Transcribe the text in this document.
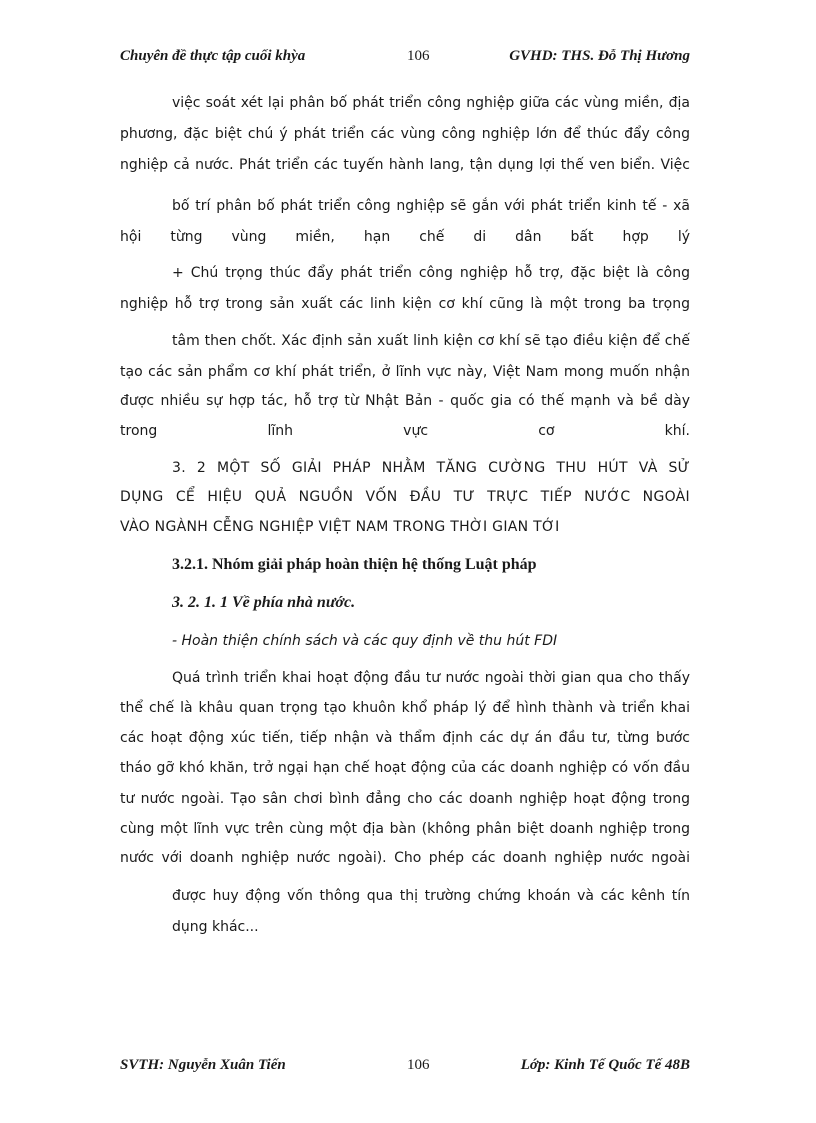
Chuyên đề thực tập cuối khỳa	106	GVHD: THS. Đỗ Thị Hương
việc soát xét lại phân bố phát triển công nghiệp giữa các vùng miền, địa
phương, đặc biệt chú ý phát triển các vùng công nghiệp lớn để thúc đẩy công
nghiệp cả nước. Phát triển các tuyến hành lang, tận dụng lợi thế ven biển. Việc
bố trí phân bố phát triển công nghiệp sẽ gắn với phát triển kinh tế - xã
hội từng vùng miền, hạn chế di dân bất hợp lý
+ Chú trọng thúc đẩy phát triển công nghiệp hỗ trợ, đặc biệt là công
nghiệp hỗ trợ trong sản xuất các linh kiện cơ khí cũng là một trong ba trọng
tâm then chốt. Xác định sản xuất linh kiện cơ khí sẽ tạo điều kiện để chế
tạo các sản phẩm cơ khí phát triển, ở lĩnh vực này, Việt Nam mong muốn nhận
được nhiều sự hợp tác, hỗ trợ từ Nhật Bản - quốc gia có thế mạnh và bề dày
trong lĩnh vực cơ khí.
3. 2 MỘT SỐ GIẢI PHÁP NHẰM TĂNG CƯỜNG THU HÚT VÀ SỬ
DỤNG CỂ HIỆU QUẢ NGUỒN VỐN ĐẦU TƯ TRỰC TIẾP NƯỚC NGOÀI
VÀO NGÀNH CỄNG NGHIỆP VIỆT NAM TRONG THỜI GIAN TỚI
3.2.1. Nhóm giải pháp hoàn thiện hệ thống Luật pháp
3. 2. 1. 1 Về phía nhà nước.
- Hoàn thiện chính sách và các quy định về thu hút FDI
Quá trình triển khai hoạt động đầu tư nước ngoài thời gian qua cho thấy
thể chế là khâu quan trọng tạo khuôn khổ pháp lý để hình thành và triển khai
các hoạt động xúc tiến, tiếp nhận và thẩm định các dự án đầu tư, từng bước
tháo gỡ khó khăn, trở ngại hạn chế hoạt động của các doanh nghiệp có vốn đầu
tư nước ngoài. Tạo sân chơi bình đẳng cho các doanh nghiệp hoạt động trong
cùng một lĩnh vực trên cùng một địa bàn (không phân biệt doanh nghiệp trong
nước với doanh nghiệp nước ngoài). Cho phép các doanh nghiệp nước ngoài
được huy động vốn thông qua thị trường chứng khoán và các kênh tín
dụng khác...
SVTH: Nguyễn Xuân Tiến	106	Lớp: Kinh Tế Quốc Tế 48B
